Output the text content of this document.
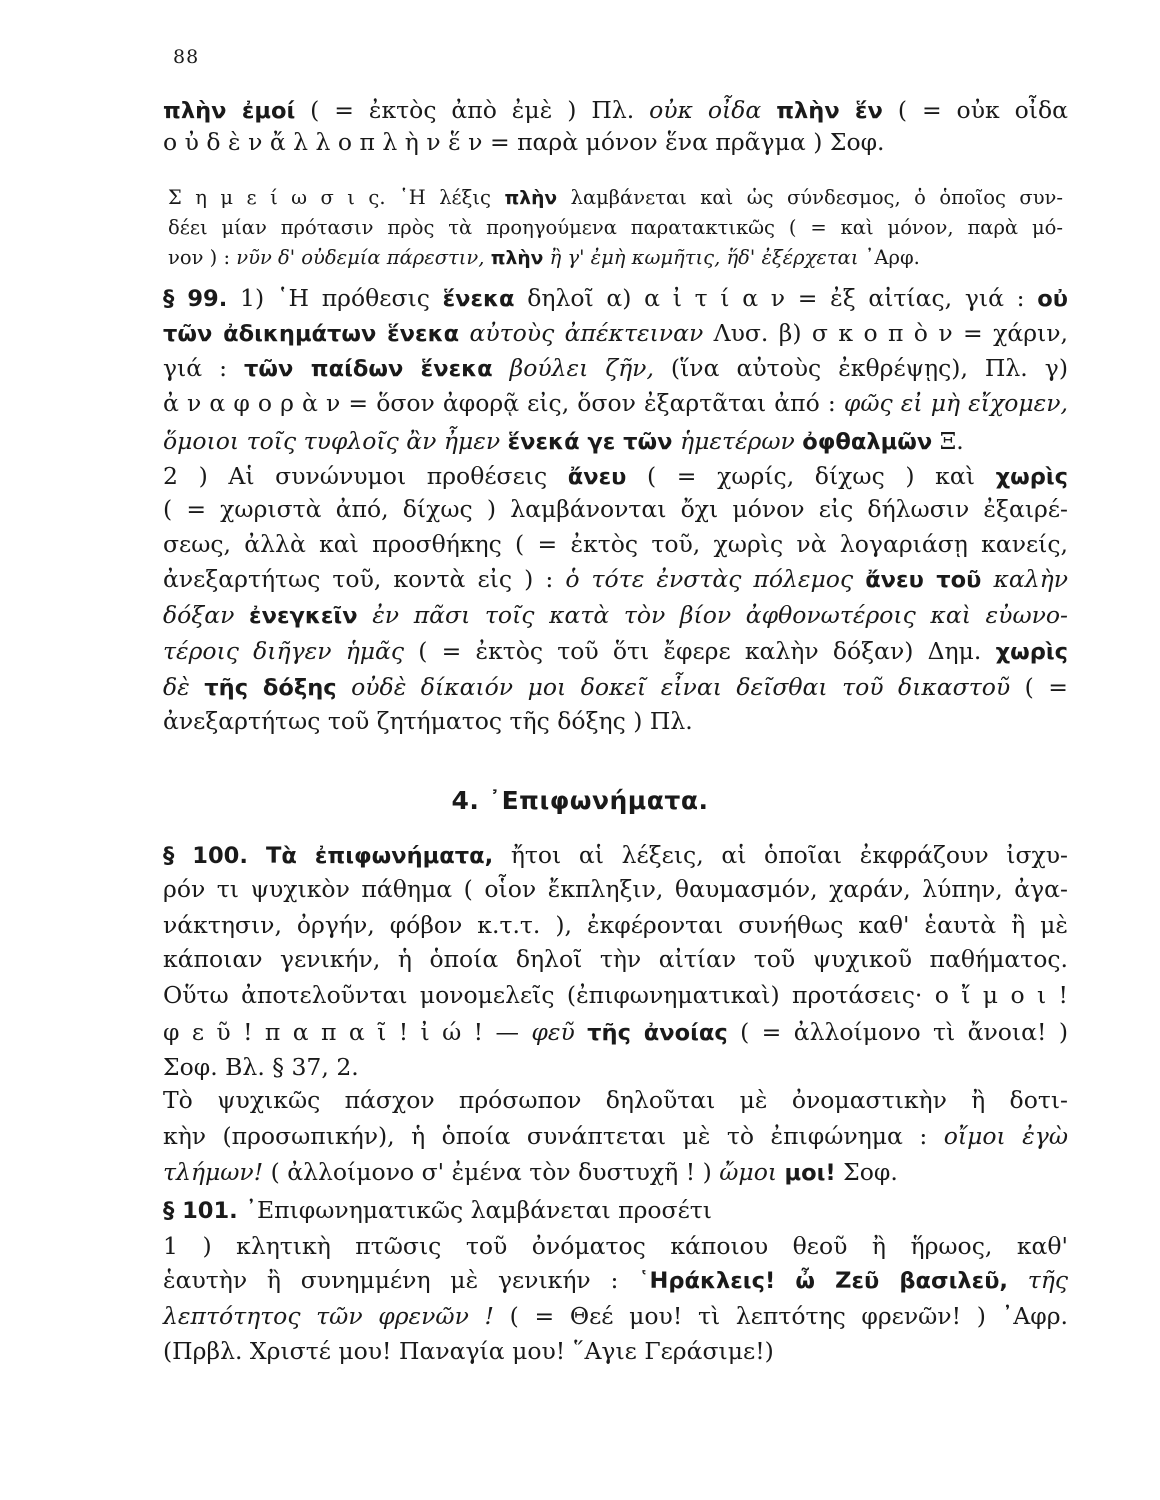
88
4. ᾿Επιφωνήματα.
πλὴν ἐμοί ( = ἐκτὸς ἀπὸ ἐμὲ ) Πλ. οὐκ οἶδα πλὴν ἕν ( = οὐκ οἶδα
ο ὐ δ ὲ ν ἄ λ λ ο π λ ὴ ν ἕ ν = παρὰ μόνον ἕνα πρᾶγμα ) Σοφ.
Σ η μ ε ί ω σ ι ς. ῾Η λέξις πλὴν λαμβάνεται καὶ ὡς σύνδεσμος, ὁ ὁποῖος συν-
δέει μίαν πρότασιν πρὸς τὰ προηγούμενα παρατακτικῶς ( = καὶ μόνον, παρὰ μό-
νον ) : νῦν δ' οὐδεμία πάρεστιν, πλὴν ἢ γ' ἐμὴ κωμῆτις, ἥδ' ἐξέρχεται ᾿Αρφ.
§ 99. 1) ῾Η πρόθεσις ἕνεκα δηλοῖ α) α ἰ τ ί α ν = ἐξ αἰτίας, γιά : οὐ
τῶν ἀδικημάτων ἕνεκα αὐτοὺς ἀπέκτειναν Λυσ. β) σ κ ο π ὸ ν = χάριν,
γιά : τῶν παίδων ἕνεκα βούλει ζῆν, (ἵνα αὐτοὺς ἐκθρέψῃς), Πλ. γ)
ἀ ν α φ ο ρ ὰ ν = ὅσον ἀφορᾷ εἰς, ὅσον ἐξαρτᾶται ἀπό : φῶς εἰ μὴ εἴχομεν,
ὅμοιοι τοῖς τυφλοῖς ἂν ἦμεν ἕνεκά γε τῶν ἡμετέρων ὀφθαλμῶν Ξ.
2 ) Αἱ συνώνυμοι προθέσεις ἄνευ ( = χωρίς, δίχως ) καὶ χωρὶς
( = χωριστὰ ἀπό, δίχως ) λαμβάνονται ὄχι μόνον εἰς δήλωσιν ἐξαιρέ-
σεως, ἀλλὰ καὶ προσθήκης ( = ἐκτὸς τοῦ, χωρὶς νὰ λογαριάσῃ κανείς,
ἀνεξαρτήτως τοῦ, κοντὰ εἰς ) : ὁ τότε ἐνστὰς πόλεμος ἄνευ τοῦ καλὴν
δόξαν ἐνεγκεῖν ἐν πᾶσι τοῖς κατὰ τὸν βίον ἀφθονωτέροις καὶ εὐωνο-
τέροις διῆγεν ἡμᾶς ( = ἐκτὸς τοῦ ὅτι ἔφερε καλὴν δόξαν) Δημ. χωρὶς
δὲ τῆς δόξης οὐδὲ δίκαιόν μοι δοκεῖ εἶναι δεῖσθαι τοῦ δικαστοῦ ( =
ἀνεξαρτήτως τοῦ ζητήματος τῆς δόξης ) Πλ.
§ 100. Τὰ ἐπιφωνήματα, ἤτοι αἱ λέξεις, αἱ ὁποῖαι ἐκφράζουν ἰσχυ-
ρόν τι ψυχικὸν πάθημα ( οἷον ἔκπληξιν, θαυμασμόν, χαράν, λύπην, ἀγα-
νάκτησιν, ὀργήν, φόβον κ.τ.τ. ), ἐκφέρονται συνήθως καθ' ἑαυτὰ ἢ μὲ
κάποιαν γενικήν, ἡ ὁποία δηλοῖ τὴν αἰτίαν τοῦ ψυχικοῦ παθήματος.
Οὕτω ἀποτελοῦνται μονομελεῖς (ἐπιφωνηματικαὶ) προτάσεις· ο ἴ μ ο ι !
φ ε ῦ ! π α π α ῖ ! ἰ ώ ! — φεῦ τῆς ἀνοίας ( = ἀλλοίμονο τὶ ἄνοια! )
Σοφ. Βλ. § 37, 2.
Τὸ ψυχικῶς πάσχον πρόσωπον δηλοῦται μὲ ὀνομαστικὴν ἢ δοτι-
κὴν (προσωπικήν), ἡ ὁποία συνάπτεται μὲ τὸ ἐπιφώνημα : οἴμοι ἐγὼ
τλήμων! ( ἀλλοίμονο σ' ἐμένα τὸν δυστυχῆ ! ) ὤμοι μοι! Σοφ.
§ 101. ᾿Επιφωνηματικῶς λαμβάνεται προσέτι
1 ) κλητικὴ πτῶσις τοῦ ὀνόματος κάποιου θεοῦ ἢ ἥρωος, καθ'
ἑαυτὴν ἢ συνημμένη μὲ γενικήν : ῾Ηράκλεις! ὦ Ζεῦ βασιλεῦ, τῆς
λεπτότητος τῶν φρενῶν ! ( = Θεέ μου! τὶ λεπτότης φρενῶν! ) ᾿Αφρ.
(Πρβλ. Χριστέ μου! Παναγία μου! ῞Αγιε Γεράσιμε!)
